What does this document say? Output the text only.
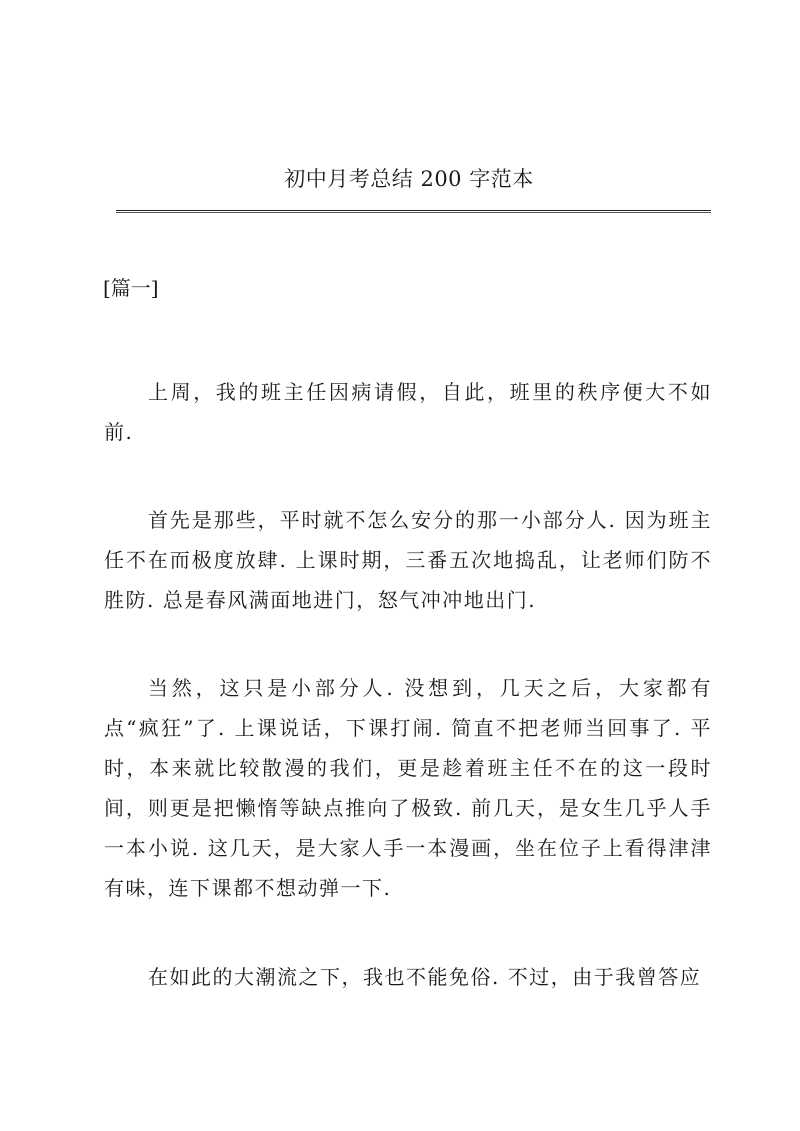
初中月考总结 200 字范本
[篇一]

上周，我的班主任因病请假，自此，班里的秩序便大不如前.

首先是那些，平时就不怎么安分的那一小部分人. 因为班主任不在而极度放肆. 上课时期，三番五次地捣乱，让老师们防不胜防. 总是春风满面地进门，怒气冲冲地出门.

当然，这只是小部分人. 没想到，几天之后，大家都有点“疯狂”了. 上课说话，下课打闹. 简直不把老师当回事了. 平时，本来就比较散漫的我们，更是趁着班主任不在的这一段时间，则更是把懒惰等缺点推向了极致. 前几天，是女生几乎人手一本小说. 这几天，是大家人手一本漫画，坐在位子上看得津津有味，连下课都不想动弹一下.

在如此的大潮流之下，我也不能免俗. 不过，由于我曾答应
